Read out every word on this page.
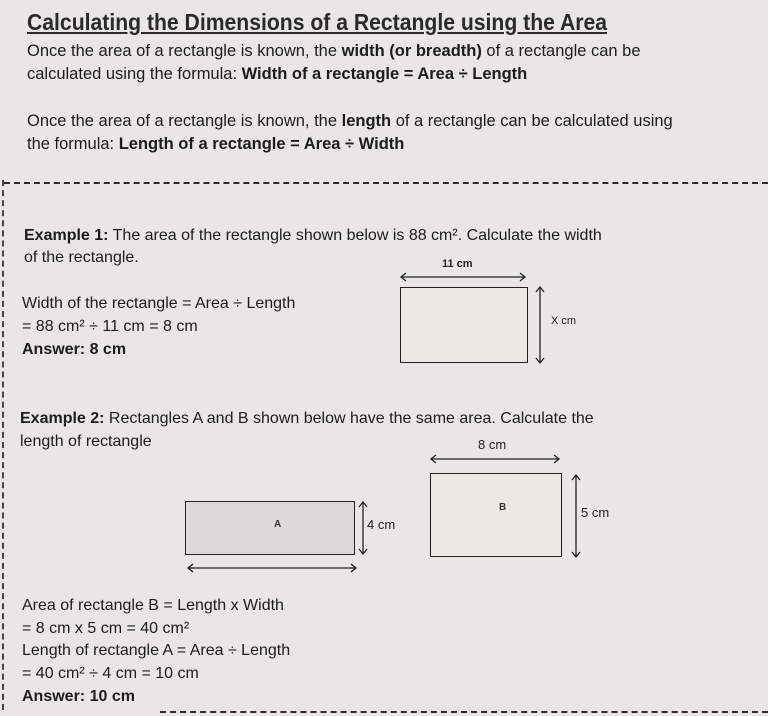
Calculating the Dimensions of a Rectangle using the Area
Once the area of a rectangle is known, the width (or breadth) of a rectangle can be
calculated using the formula: Width of a rectangle = Area ÷ Length
Once the area of a rectangle is known, the length of a rectangle can be calculated using
the formula: Length of a rectangle = Area ÷ Width
Example 1: The area of the rectangle shown below is 88 cm². Calculate the width
of the rectangle.	11 cm
X cm
Width of the rectangle = Area ÷ Length
= 88 cm² ÷ 11 cm = 8 cm
Answer: 8 cm
Example 2: Rectangles A and B shown below have the same area. Calculate the
length of rectangle	8 cm
B	5 cm
A	4 cm
Area of rectangle B = Length x Width
= 8 cm x 5 cm = 40 cm²
Length of rectangle A = Area ÷ Length
= 40 cm² ÷ 4 cm = 10 cm
Answer: 10 cm
